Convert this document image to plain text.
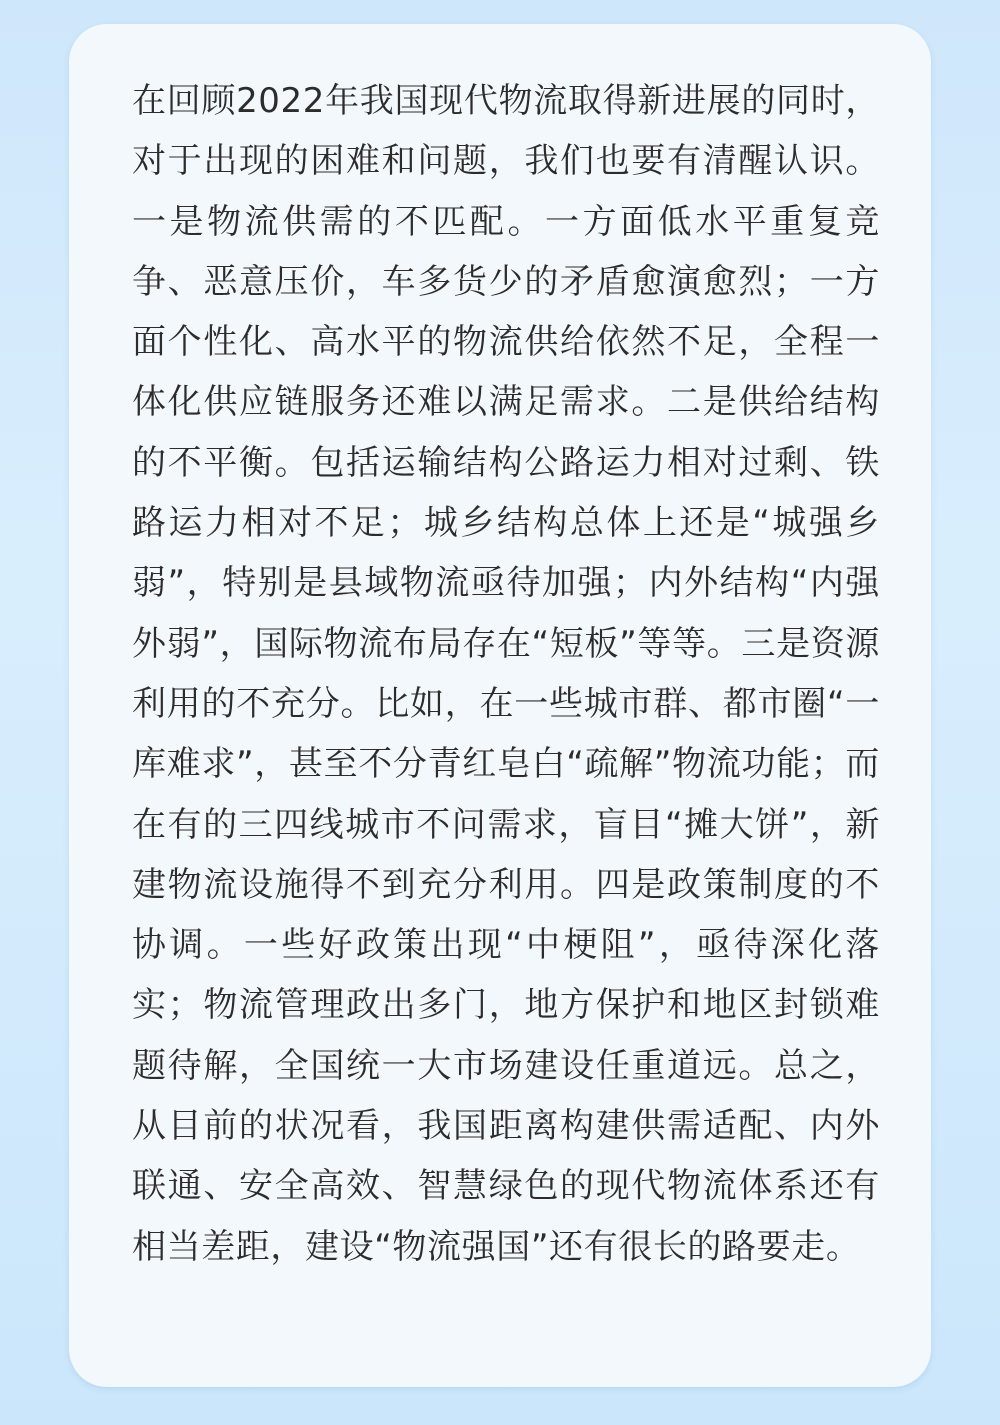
在回顾2022年我国现代物流取得新进展的同时，对于出现的困难和问题，我们也要有清醒认识。一是物流供需的不匹配。一方面低水平重复竞争、恶意压价，车多货少的矛盾愈演愈烈；一方面个性化、高水平的物流供给依然不足，全程一体化供应链服务还难以满足需求。二是供给结构的不平衡。包括运输结构公路运力相对过剩、铁路运力相对不足；城乡结构总体上还是“城强乡弱”，特别是县域物流亟待加强；内外结构“内强外弱”，国际物流布局存在“短板”等等。三是资源利用的不充分。比如，在一些城市群、都市圈“一库难求”，甚至不分青红皂白“疏解”物流功能；而在有的三四线城市不问需求，盲目“摊大饼”，新建物流设施得不到充分利用。四是政策制度的不协调。一些好政策出现“中梗阻”，亟待深化落实；物流管理政出多门，地方保护和地区封锁难题待解，全国统一大市场建设任重道远。总之，从目前的状况看，我国距离构建供需适配、内外联通、安全高效、智慧绿色的现代物流体系还有相当差距，建设“物流强国”还有很长的路要走。
